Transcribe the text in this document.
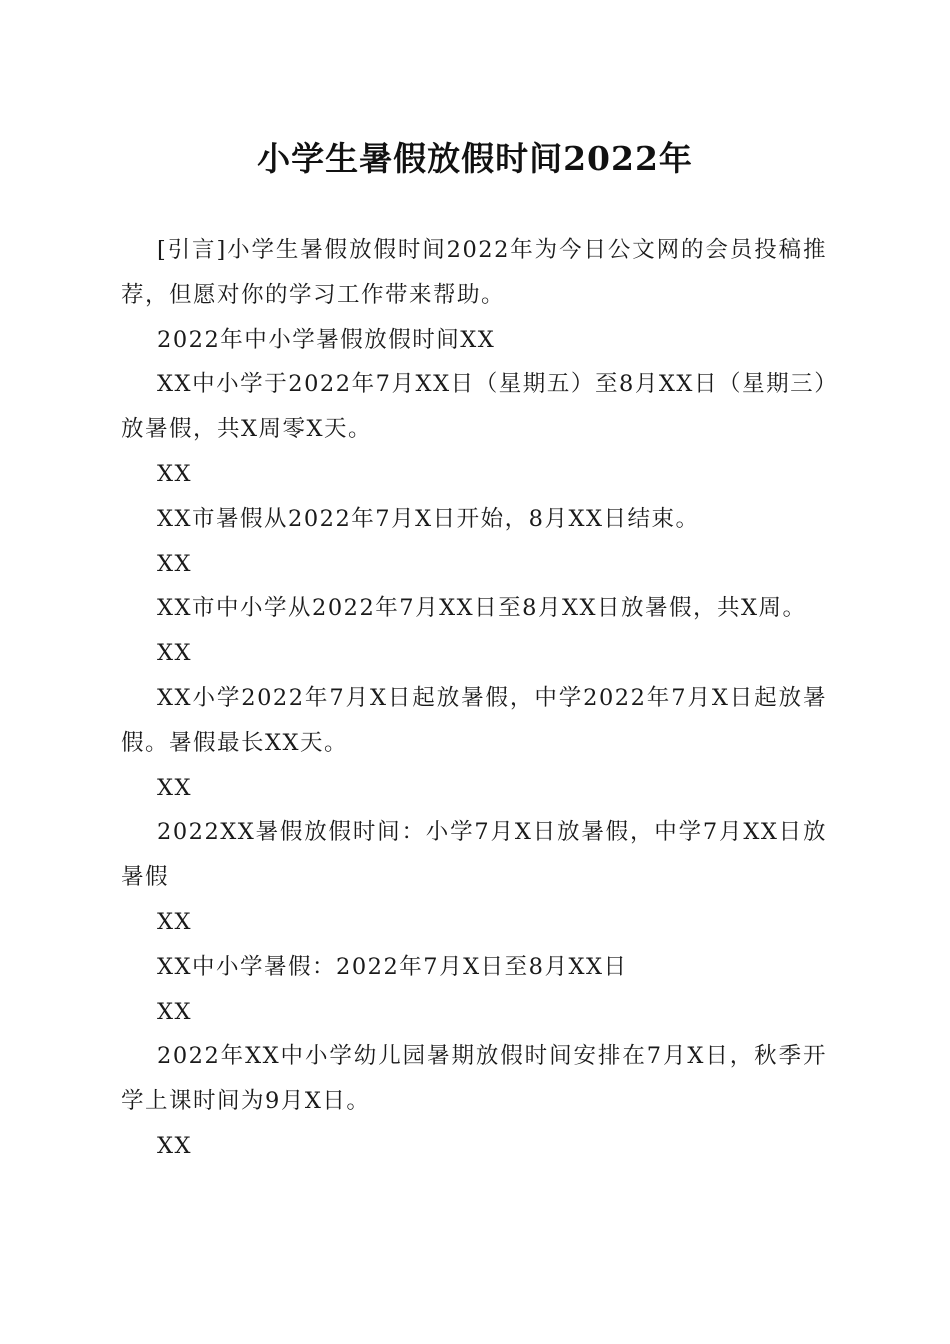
小学生暑假放假时间2022年

[引言]小学生暑假放假时间2022年为今日公文网的会员投稿推荐，但愿对你的学习工作带来帮助。

2022年中小学暑假放假时间XX

XX中小学于2022年7月XX日（星期五）至8月XX日（星期三）放暑假，共X周零X天。

XX

XX市暑假从2022年7月X日开始，8月XX日结束。

XX

XX市中小学从2022年7月XX日至8月XX日放暑假，共X周。

XX

XX小学2022年7月X日起放暑假，中学2022年7月X日起放暑假。暑假最长XX天。

XX

2022XX暑假放假时间：小学7月X日放暑假，中学7月XX日放暑假

XX

XX中小学暑假：2022年7月X日至8月XX日

XX

2022年XX中小学幼儿园暑期放假时间安排在7月X日，秋季开学上课时间为9月X日。

XX
